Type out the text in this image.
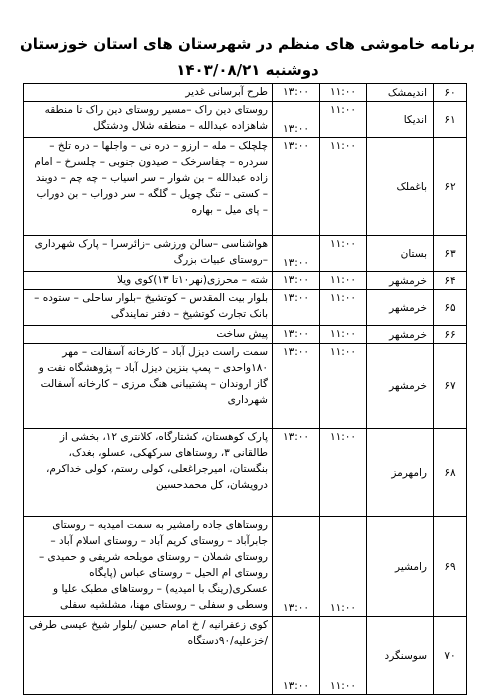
برنامه خاموشی های منظم در شهرستان های استان خوزستان
دوشنبه ۱۴۰۳/۰۸/۲۱
۶۰	اندیمشک	۱۱:۰۰	۱۳:۰۰	طرح آبرسانی غدیر
۶۱	اندیکا	۱۱:۰۰	۱۳:۰۰	روستای دین راک –مسیر روستای دین راک تا منطقه شاهزاده عبدالله – منطقه شلال ودشتگل
۶۲	باغملک	۱۱:۰۰	۱۳:۰۰	چلچلک – مله – ارزو – دره نی – واجلها – دره تلخ – سردره – چفاسرخک – صیدون جنوبی – چلسرخ – امام زاده عبدالله – بن شوار – سر اسیاب – چه چم – دوبند – کستی – تنگ چویل – گلگه – سر دوراب – بن دوراب – پای میل – بهاره
۶۳	بستان	۱۱:۰۰	۱۳:۰۰	هواشناسی –سالن ورزشی –زائرسرا – پارک شهرداری –روستای عبیات بزرگ
۶۴	خرمشهر	۱۱:۰۰	۱۳:۰۰	شته – محرزی(نهر۱۰تا ۱۳)کوی ویلا
۶۵	خرمشهر	۱۱:۰۰	۱۳:۰۰	بلوار بیت المقدس – کوتشیخ –بلوار ساحلی – ستوده – بانک تجارت کوتشیخ – دفتر نمایندگی
۶۶	خرمشهر	۱۱:۰۰	۱۳:۰۰	پیش ساخت
۶۷	خرمشهر	۱۱:۰۰	۱۳:۰۰	سمت راست دیزل آباد – کارخانه آسفالت – مهر ۱۸۰واحدی – پمپ بنزین دیزل آباد – پژوهشگاه نفت و گاز اروندان – پشتیبانی هنگ مرزی – کارخانه آسفالت شهرداری
۶۸	رامهرمز	۱۱:۰۰	۱۳:۰۰	پارک کوهستان، کشتارگاه، کلانتری ۱۲، بخشی از طالقانی ۳، روستاهای سرکهکی، عسلو، بغدک، بنگستان، امیرجراغعلی، کولی رستم، کولی خداکرم، درویشان، کل محمدحسین
۶۹	رامشیر	۱۱:۰۰	۱۳:۰۰	روستاهای جاده رامشیر به سمت امیدیه – روستای جابرآباد – روستای کریم آباد – روستای اسلام آباد – روستای شملان – روستای مویلحه شریفی و حمیدی – روستای ام الحیل – روستای عباس (پایگاه عسکری(رینگ با امیدیه) – روستاهای مطبک علیا و وسطی و سفلی – روستای مهنا، مشلشیه سفلی
۷۰	سوسنگرد	۱۱:۰۰	۱۳:۰۰	کوی زعفرانیه / خ امام حسین /بلوار شیخ عیسی طرفی /خزعلیه/۹۰دستگاه
